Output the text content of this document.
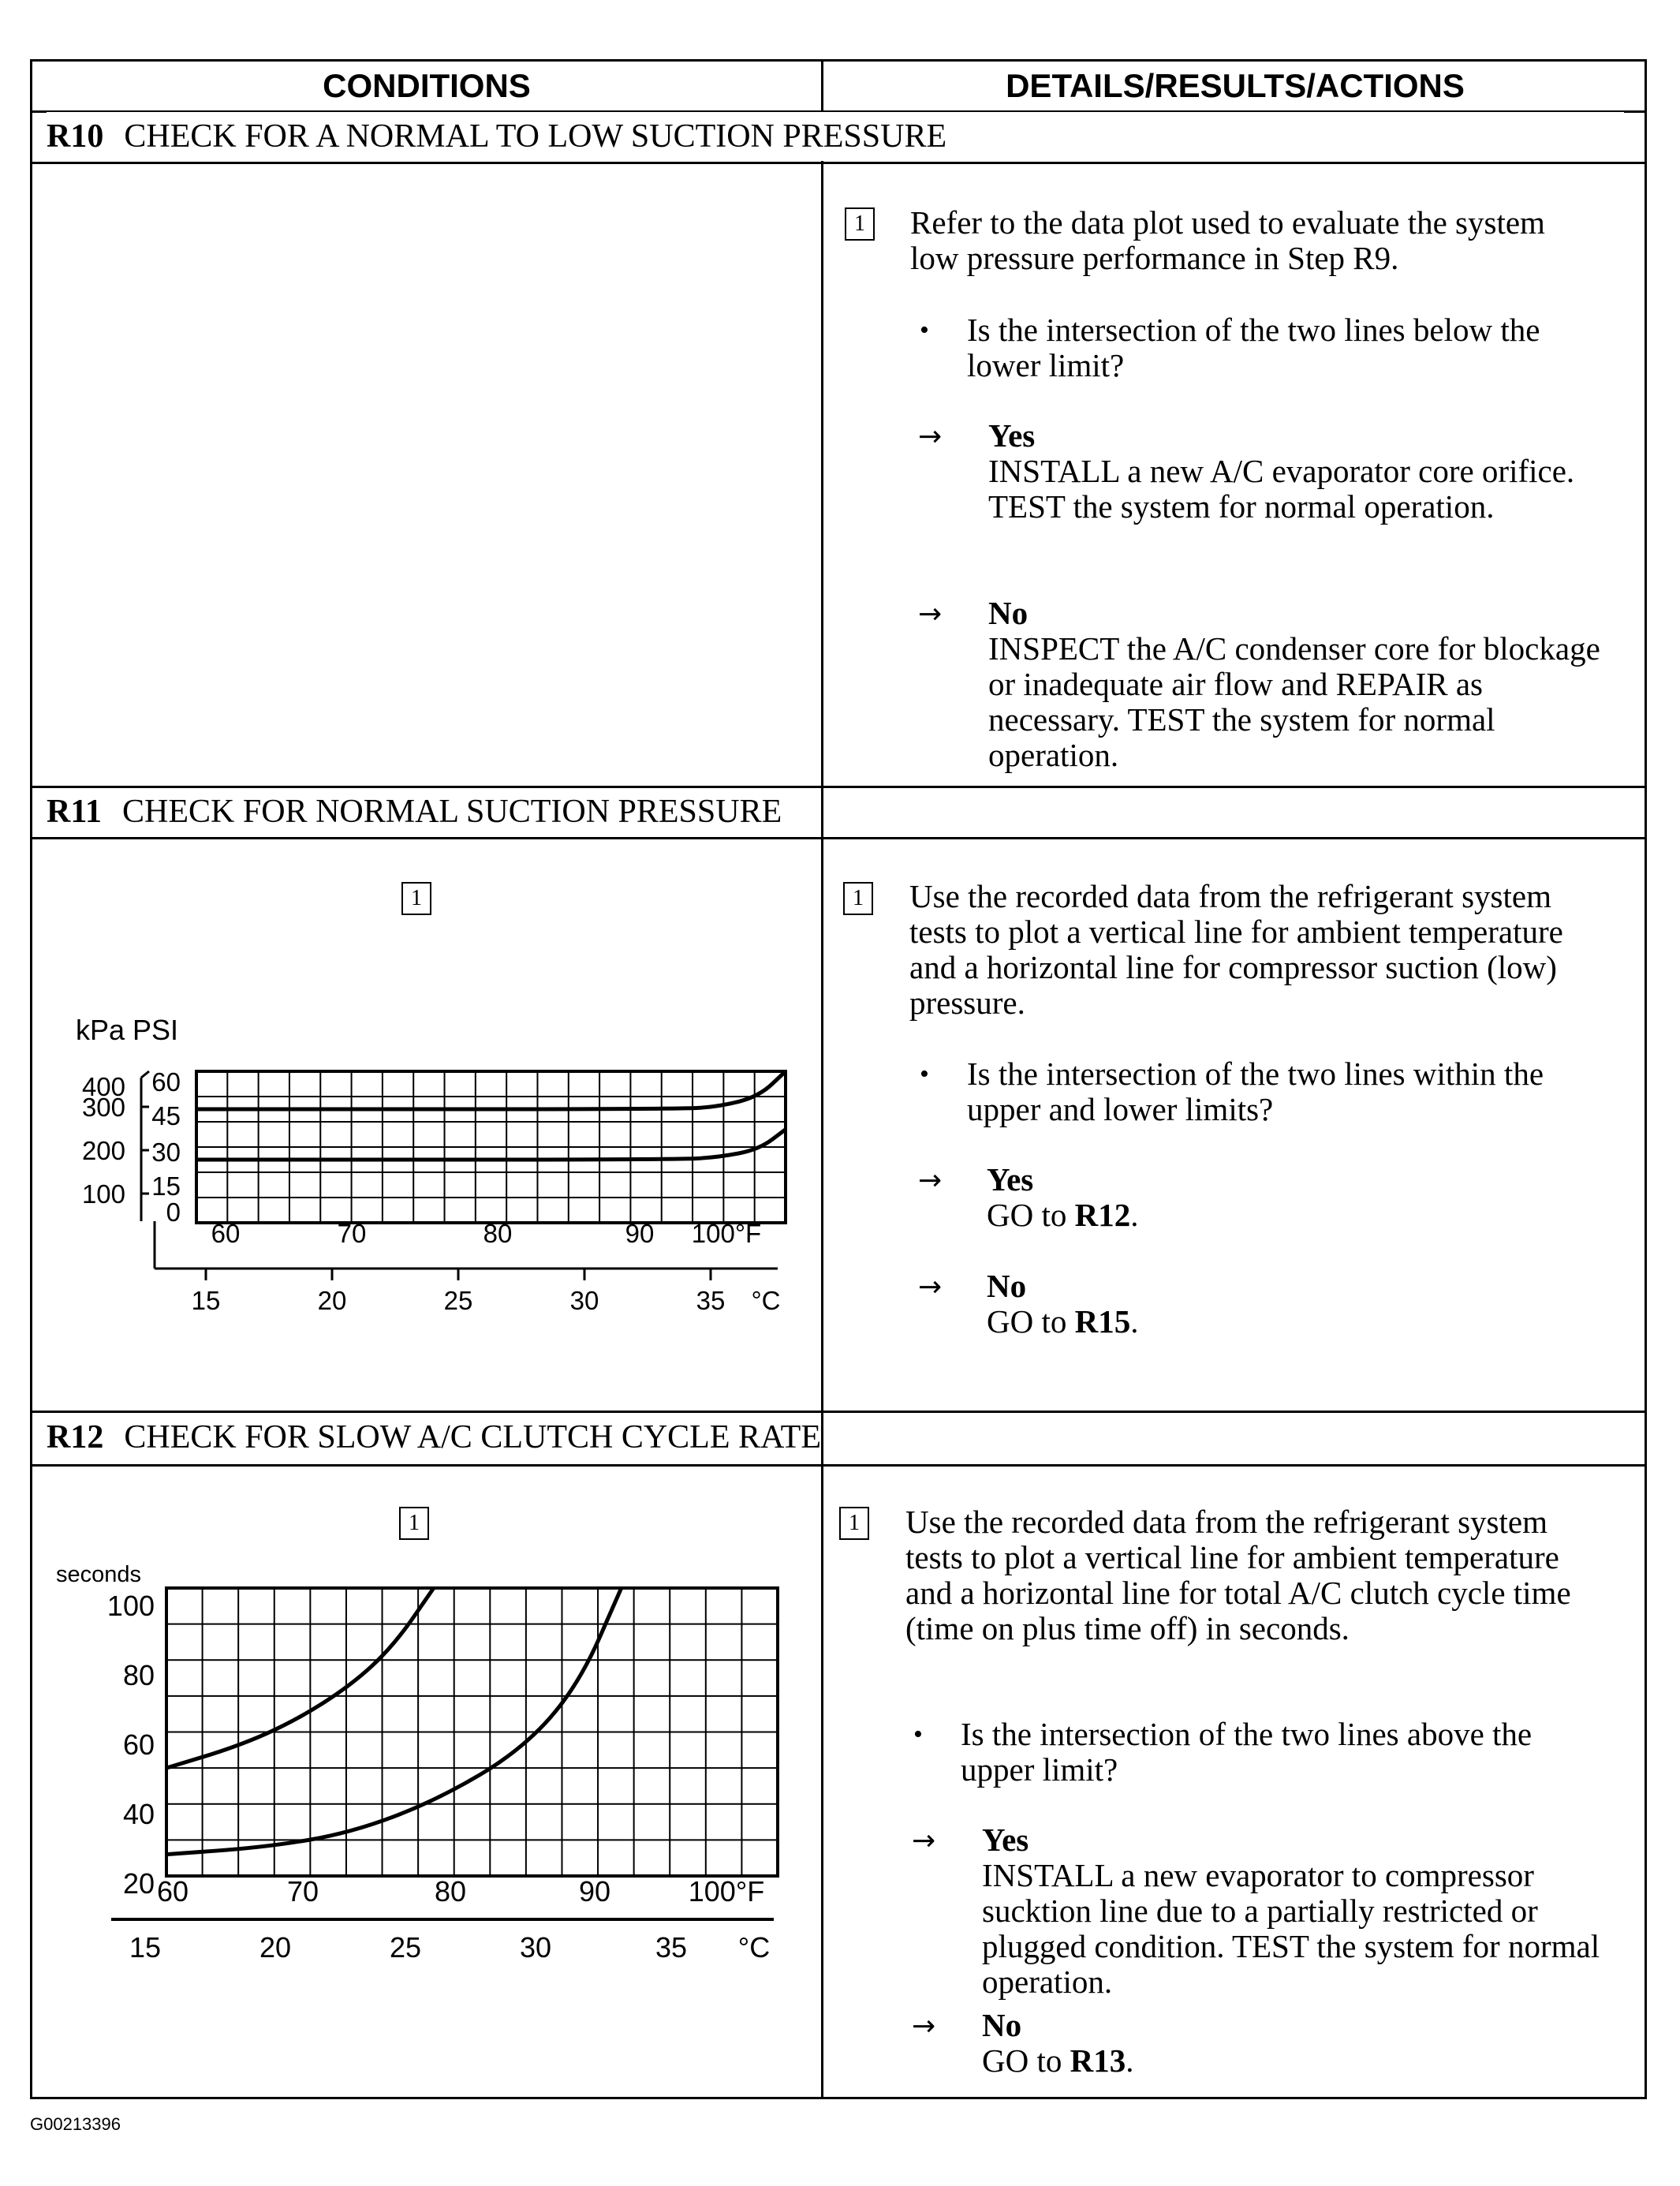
CONDITIONS	DETAILS/RESULTS/ACTIONS
R10 CHECK FOR A NORMAL TO LOW SUCTION PRESSURE
1 Refer to the data plot used to evaluate the system low pressure performance in Step R9.
• Is the intersection of the two lines below the lower limit?
→ Yes
INSTALL a new A/C evaporator core orifice. TEST the system for normal operation.
→ No
INSPECT the A/C condenser core for blockage or inadequate air flow and REPAIR as necessary. TEST the system for normal operation.
R11 CHECK FOR NORMAL SUCTION PRESSURE
1
kPa PSI
400
300
200
100
60
45
30
15
0
60	70	80	90 100°F
15	20	25	30	35 °C
1 Use the recorded data from the refrigerant system tests to plot a vertical line for ambient temperature and a horizontal line for compressor suction (low) pressure.
• Is the intersection of the two lines within the upper and lower limits?
→ Yes
GO to R12.
→ No
GO to R15.
R12 CHECK FOR SLOW A/C CLUTCH CYCLE RATE
1
seconds
100
80
60
40
20 60	70	80	90	100°F
15	20	25	30	35 °C
1 Use the recorded data from the refrigerant system tests to plot a vertical line for ambient temperature and a horizontal line for total A/C clutch cycle time (time on plus time off) in seconds.
• Is the intersection of the two lines above the upper limit?
→ Yes
INSTALL a new evaporator to compressor sucktion line due to a partially restricted or plugged condition. TEST the system for normal operation.
→ No
GO to R13.
G00213396
